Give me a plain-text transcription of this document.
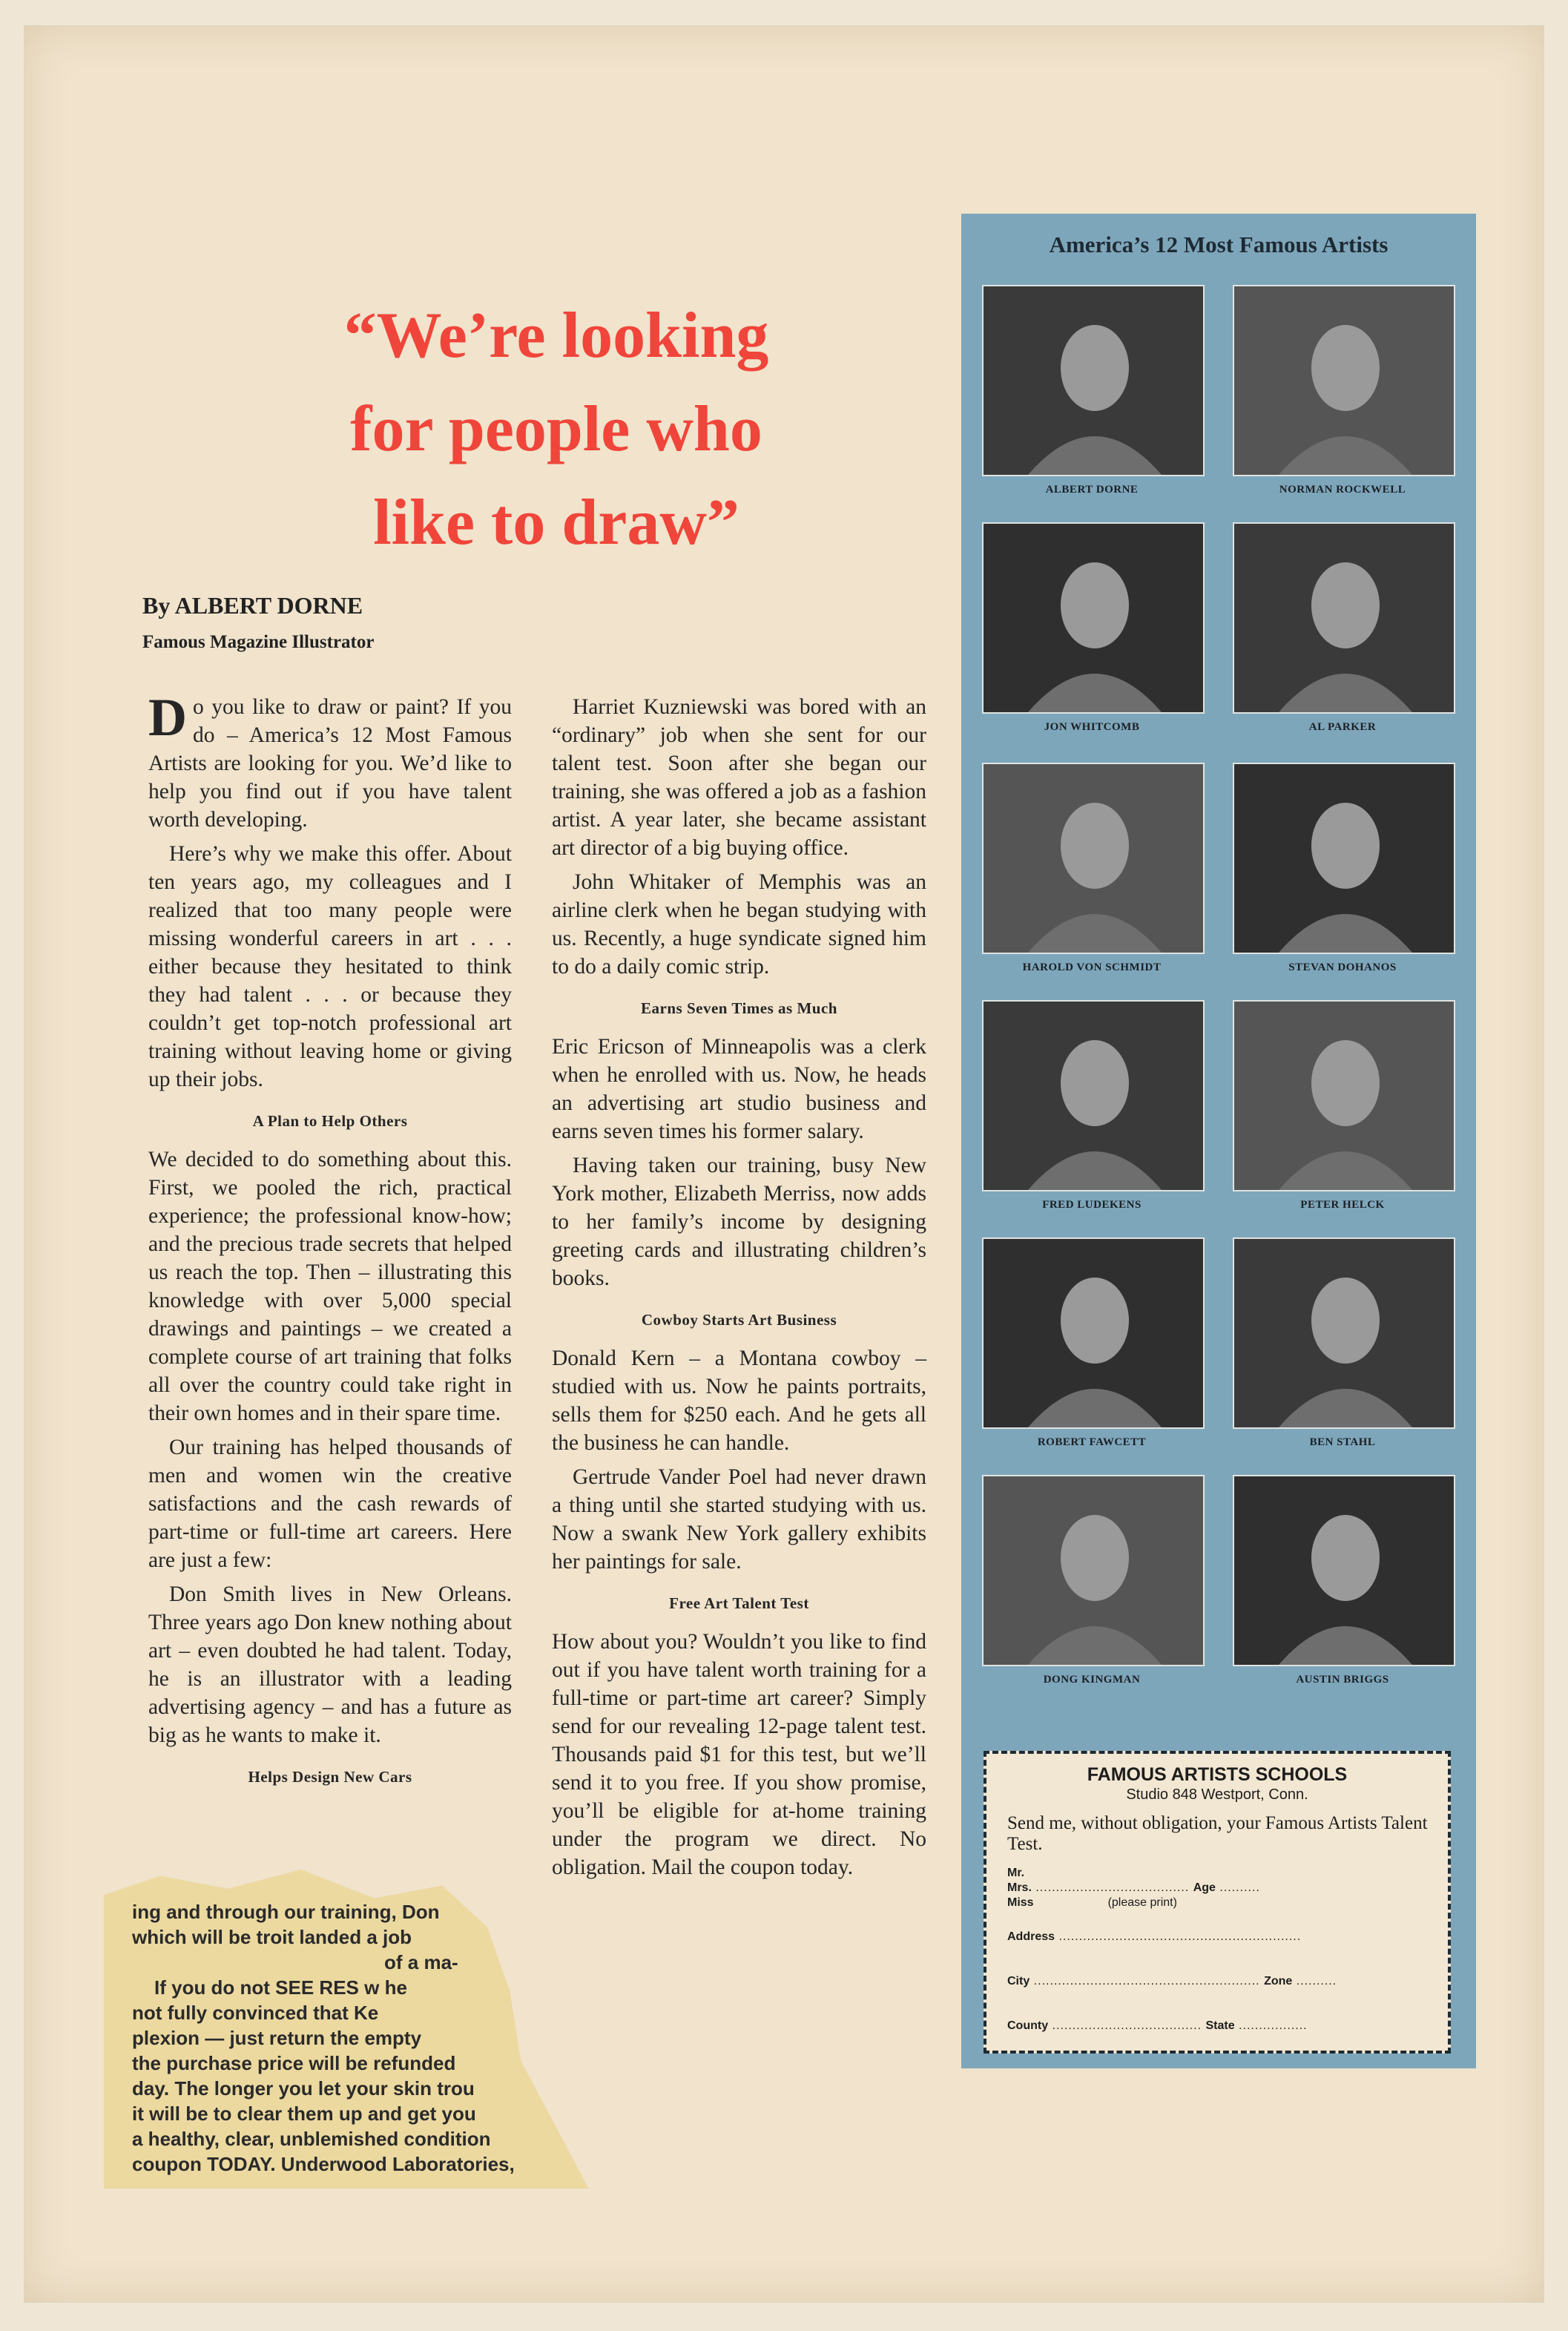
“We’re looking
for people who
like to draw”
By ALBERT DORNE
Famous Magazine Illustrator

Do you like to draw or paint? If you do – America’s 12 Most Famous Artists are looking for you. We’d like to help you find out if you have talent worth developing.

Here’s why we make this offer. About ten years ago, my colleagues and I realized that too many people were missing wonderful careers in art . . . either because they hesitated to think they had talent . . . or because they couldn’t get top-notch professional art training without leaving home or giving up their jobs.

A Plan to Help Others

We decided to do something about this. First, we pooled the rich, practical experience; the professional know-how; and the precious trade secrets that helped us reach the top. Then – illustrating this knowledge with over 5,000 special drawings and paintings – we created a complete course of art training that folks all over the country could take right in their own homes and in their spare time.

Our training has helped thousands of men and women win the creative satisfactions and the cash rewards of part-time or full-time art careers. Here are just a few:

Don Smith lives in New Orleans. Three years ago Don knew nothing about art – even doubted he had talent. Today, he is an illustrator with a leading advertising agency – and has a future as big as he wants to make it.

Helps Design New Cars
ing and through our training, Don
which will be troit landed a job
of a ma-
If you do not SEE RES w he
not fully convinced that Ke
plexion — just return the empty
the purchase price will be refunded
day. The longer you let your skin trou
it will be to clear them up and get you
a healthy, clear, unblemished condition
coupon TODAY. Underwood Laboratories,

Harriet Kuzniewski was bored with an “ordinary” job when she sent for our talent test. Soon after she began our training, she was offered a job as a fashion artist. A year later, she became assistant art director of a big buying office.

John Whitaker of Memphis was an airline clerk when he began studying with us. Recently, a huge syndicate signed him to do a daily comic strip.

Earns Seven Times as Much

Eric Ericson of Minneapolis was a clerk when he enrolled with us. Now, he heads an advertising art studio business and earns seven times his former salary.

Having taken our training, busy New York mother, Elizabeth Merriss, now adds to her family’s income by designing greeting cards and illustrating children’s books.

Cowboy Starts Art Business

Donald Kern – a Montana cowboy – studied with us. Now he paints portraits, sells them for $250 each. And he gets all the business he can handle.

Gertrude Vander Poel had never drawn a thing until she started studying with us. Now a swank New York gallery exhibits her paintings for sale.

Free Art Talent Test

How about you? Wouldn’t you like to find out if you have talent worth training for a full-time or part-time art career? Simply send for our revealing 12-page talent test. Thousands paid $1 for this test, but we’ll send it to you free. If you show promise, you’ll be eligible for at-home training under the program we direct. No obligation. Mail the coupon today.

America’s 12 Most Famous Artists
ALBERT DORNE	NORMAN ROCKWELL
JON WHITCOMB	AL PARKER
HAROLD VON SCHMIDT	STEVAN DOHANOS
FRED LUDEKENS	PETER HELCK
ROBERT FAWCETT	BEN STAHL
DONG KINGMAN	AUSTIN BRIGGS
FAMOUS ARTISTS SCHOOLS
Studio 848 Westport, Conn.
Send me, without obligation, your Famous Artists Talent Test.
Mr.
Mrs. ...................................... Age ..........
Miss	(please print)
Address ............................................................
City ........................................................ Zone ..........
County ..................................... State .................
